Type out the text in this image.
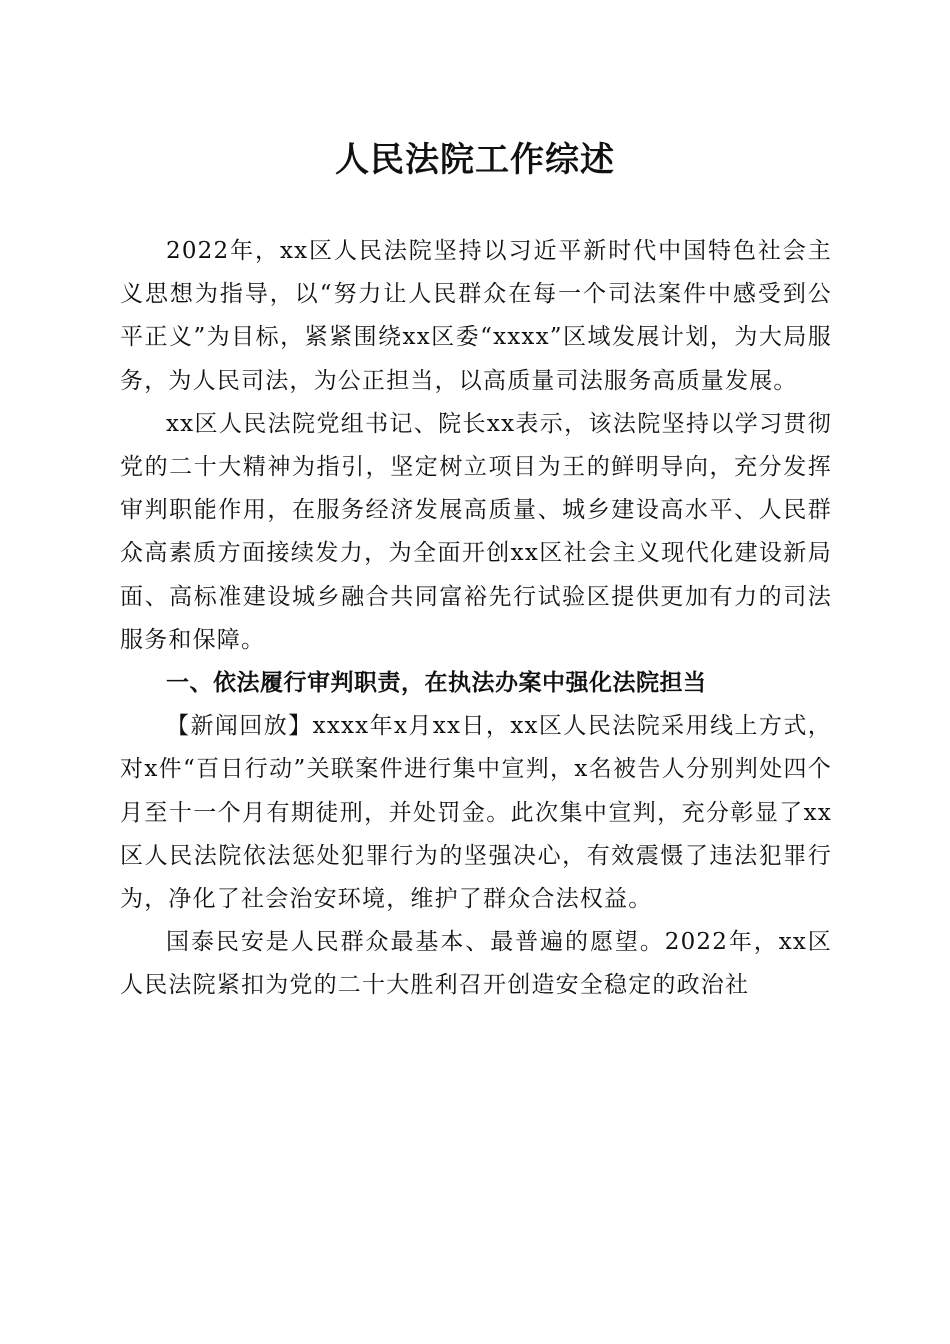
人民法院工作综述

2022年，xx区人民法院坚持以习近平新时代中国特色社会主义思想为指导，以“努力让人民群众在每一个司法案件中感受到公平正义”为目标，紧紧围绕xx区委“xxxx”区域发展计划，为大局服务，为人民司法，为公正担当，以高质量司法服务高质量发展。

xx区人民法院党组书记、院长xx表示，该法院坚持以学习贯彻党的二十大精神为指引，坚定树立项目为王的鲜明导向，充分发挥审判职能作用，在服务经济发展高质量、城乡建设高水平、人民群众高素质方面接续发力，为全面开创xx区社会主义现代化建设新局面、高标准建设城乡融合共同富裕先行试验区提供更加有力的司法服务和保障。

一、依法履行审判职责，在执法办案中强化法院担当

【新闻回放】xxxx年x月xx日，xx区人民法院采用线上方式，对x件“百日行动”关联案件进行集中宣判，x名被告人分别判处四个月至十一个月有期徒刑，并处罚金。此次集中宣判，充分彰显了xx区人民法院依法惩处犯罪行为的坚强决心，有效震慑了违法犯罪行为，净化了社会治安环境，维护了群众合法权益。

国泰民安是人民群众最基本、最普遍的愿望。2022年，xx区人民法院紧扣为党的二十大胜利召开创造安全稳定的政治社
